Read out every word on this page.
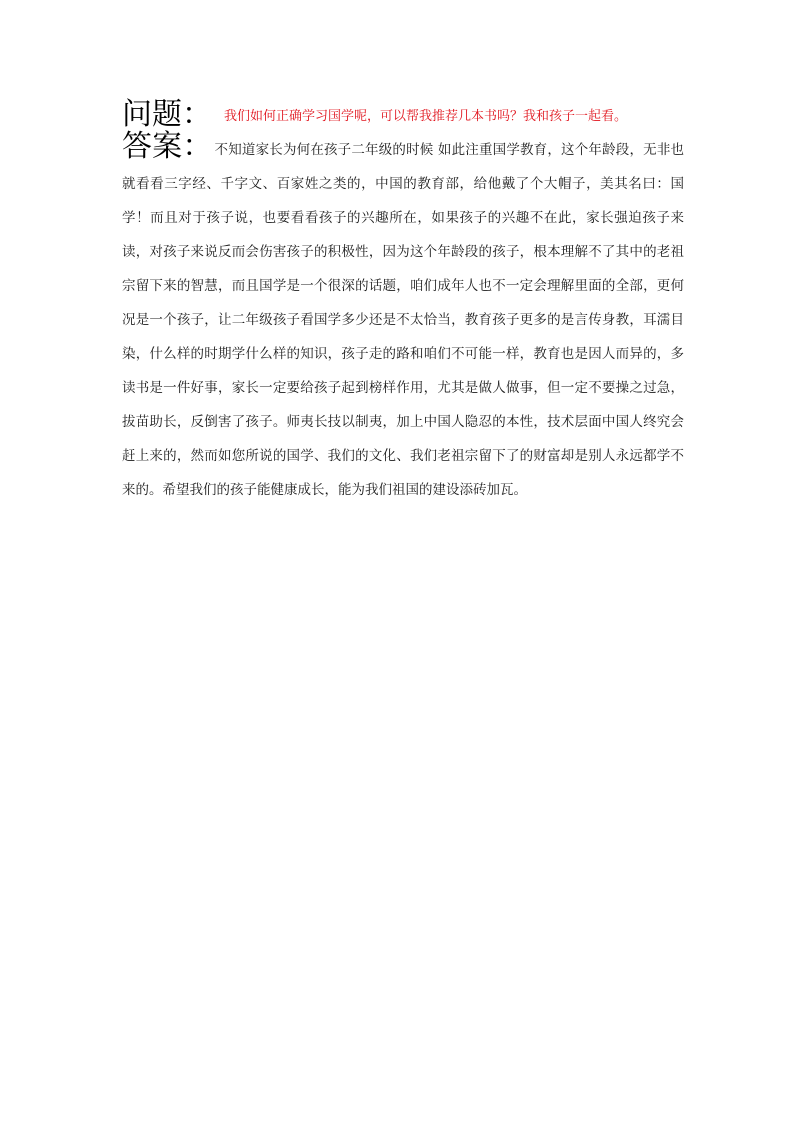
问题： 我们如何正确学习国学呢，可以帮我推荐几本书吗？我和孩子一起看。
答案： 不知道家长为何在孩子二年级的时候 如此注重国学教育，这个年龄段，无非也就看看三字经、千字文、百家姓之类的，中国的教育部，给他戴了个大帽子，美其名曰：国学！而且对于孩子说，也要看看孩子的兴趣所在，如果孩子的兴趣不在此，家长强迫孩子来读，对孩子来说反而会伤害孩子的积极性，因为这个年龄段的孩子，根本理解不了其中的老祖宗留下来的智慧，而且国学是一个很深的话题，咱们成年人也不一定会理解里面的全部，更何况是一个孩子，让二年级孩子看国学多少还是不太恰当，教育孩子更多的是言传身教，耳濡目染，什么样的时期学什么样的知识，孩子走的路和咱们不可能一样，教育也是因人而异的，多读书是一件好事，家长一定要给孩子起到榜样作用，尤其是做人做事，但一定不要操之过急，拔苗助长，反倒害了孩子。师夷长技以制夷，加上中国人隐忍的本性，技术层面中国人终究会赶上来的，然而如您所说的国学、我们的文化、我们老祖宗留下了的财富却是别人永远都学不来的。希望我们的孩子能健康成长，能为我们祖国的建设添砖加瓦。
